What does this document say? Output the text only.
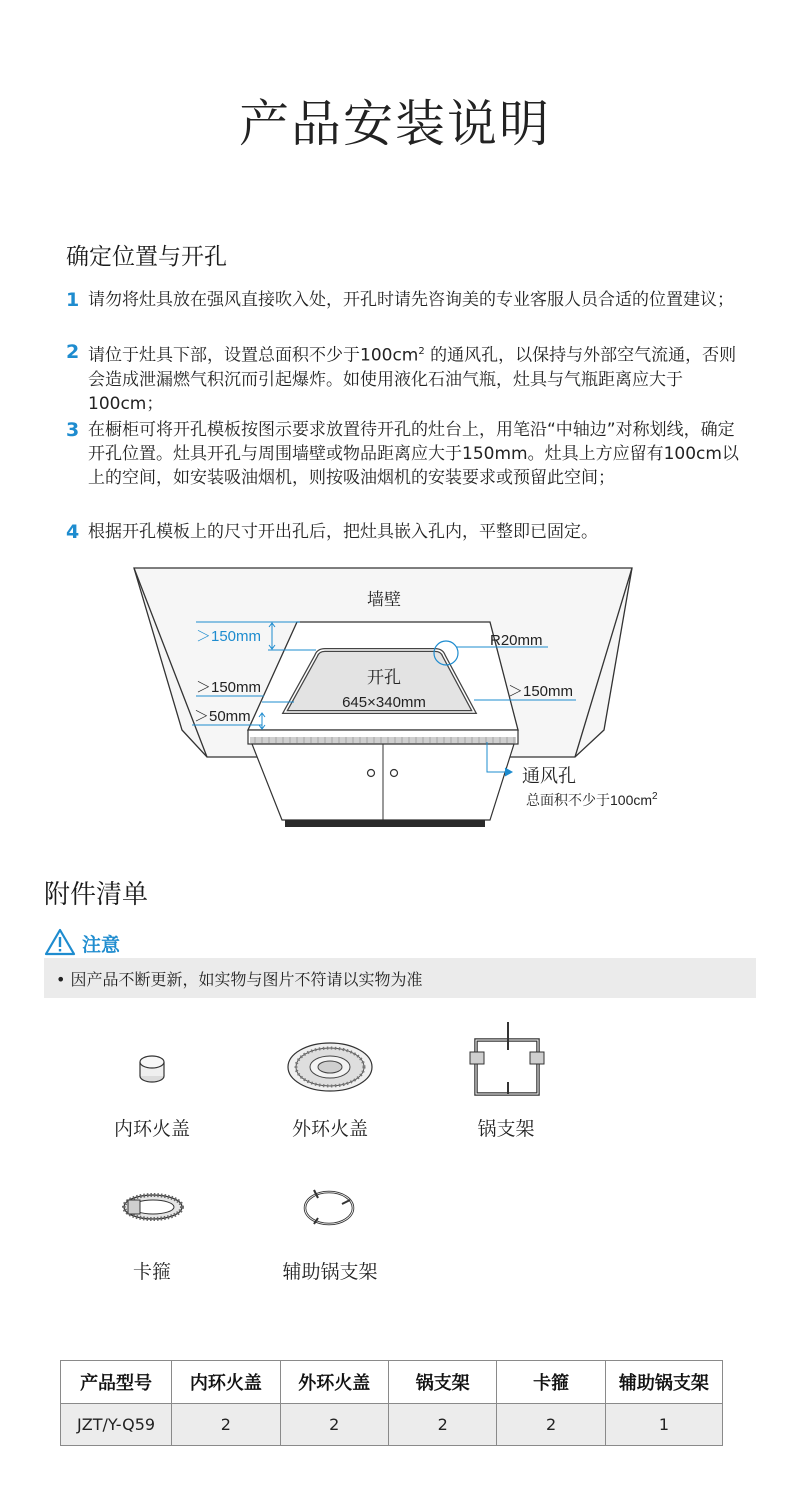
产品安装说明
确定位置与开孔
1 请勿将灶具放在强风直接吹入处，开孔时请先咨询美的专业客服人员合适的位置建议；
2 请位于灶具下部，设置总面积不少于$100cm^2$ 的通风孔，以保持与外部空气流通，否则会造成泄漏燃气积沉而引起爆炸。如使用液化石油气瓶，灶具与气瓶距离应大于100cm；
3 在橱柜可将开孔模板按图示要求放置待开孔的灶台上，用笔沿“中轴边”对称划线，确定开孔位置。灶具开孔与周围墙壁或物品距离应大于150mm。灶具上方应留有100cm以上的空间，如安装吸油烟机，则按吸油烟机的安装要求或预留此空间；
4 根据开孔模板上的尺寸开出孔后，把灶具嵌入孔内，平整即已固定。
墙壁
＞150mm	R20mm
开孔
645×340mm
＞150mm	＞150mm
＞50mm
通风孔
总面积不少于$100cm^2$
附件清单
注意
• 因产品不断更新，如实物与图片不符请以实物为准
内环火盖	外环火盖	锅支架
卡箍	辅助锅支架
产品型号	内环火盖	外环火盖	锅支架	卡箍	辅助锅支架
JZT/Y-Q59	2	2	2	2	1
